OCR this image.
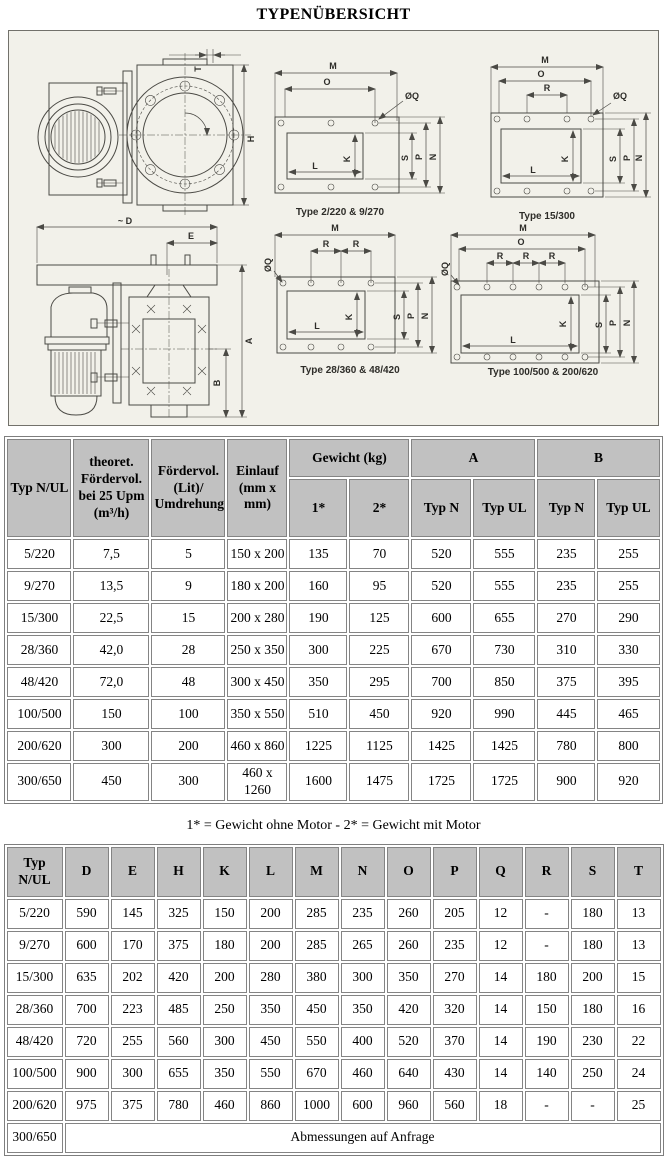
TYPENÜBERSICHT
T
H
M
O
ØQ
K
L
S P N
Type 2/220 & 9/270
M
O
R
ØQ
K
L
S P N
Type 15/300
~ D
E
A
B
M
R	R
ØQ
K
L
S P N
Type 28/360 & 48/420
M
O
R R R
ØQ
K
L
S P N
Type 100/500 & 200/620
Typ N/UL	theoret. Fördervol. bei 25 Upm (m³/h)	Fördervol. (Lit)/ Umdrehung	Einlauf (mm x mm)	Gewicht (kg)		A		B	
				1*	2*	Typ N	Typ UL	Typ N	Typ UL
5/220	7,5	5	150 x 200	135	70	520	555	235	255
9/270	13,5	9	180 x 200	160	95	520	555	235	255
15/300	22,5	15	200 x 280	190	125	600	655	270	290
28/360	42,0	28	250 x 350	300	225	670	730	310	330
48/420	72,0	48	300 x 450	350	295	700	850	375	395
100/500	150	100	350 x 550	510	450	920	990	445	465
200/620	300	200	460 x 860	1225	1125	1425	1425	780	800
300/650	450	300	460 x 1260	1600	1475	1725	1725	900	920

1* = Gewicht ohne Motor - 2* = Gewicht mit Motor

Typ N/UL	D	E	H	K	L	M	N	O	P	Q	R	S	T
5/220	590	145	325	150	200	285	235	260	205	12	-	180	13
9/270	600	170	375	180	200	285	265	260	235	12	-	180	13
15/300	635	202	420	200	280	380	300	350	270	14	180	200	15
28/360	700	223	485	250	350	450	350	420	320	14	150	180	16
48/420	720	255	560	300	450	550	400	520	370	14	190	230	22
100/500	900	300	655	350	550	670	460	640	430	14	140	250	24
200/620	975	375	780	460	860	1000	600	960	560	18	-	-	25
300/650	Abmessungen auf Anfrage												
